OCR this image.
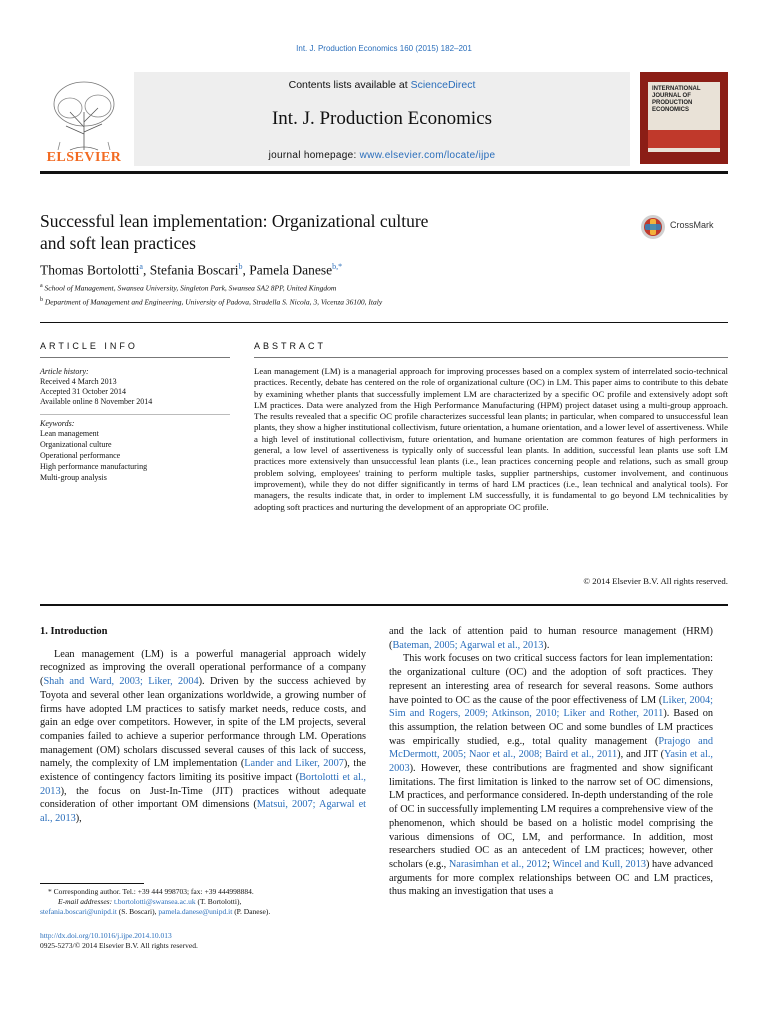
Int. J. Production Economics 160 (2015) 182–201
ELSEVIER
Contents lists available at ScienceDirect
Int. J. Production Economics
journal homepage: www.elsevier.com/locate/ijpe
INTERNATIONAL JOURNAL OF PRODUCTION ECONOMICS
Successful lean implementation: Organizational culture
and soft lean practices
CrossMark
Thomas Bortolotti$^a$, Stefania Boscari$^b$, Pamela Danese$^{b,*}$
$^a$ School of Management, Swansea University, Singleton Park, Swansea SA2 8PP, United Kingdom
$^b$ Department of Management and Engineering, University of Padova, Stradella S. Nicola, 3, Vicenza 36100, Italy
ARTICLE INFO
Article history:
Received 4 March 2013
Accepted 31 October 2014
Available online 8 November 2014
Keywords:
Lean management
Organizational culture
Operational performance
High performance manufacturing
Multi-group analysis
ABSTRACT
Lean management (LM) is a managerial approach for improving processes based on a complex system of interrelated socio-technical practices. Recently, debate has centered on the role of organizational culture (OC) in LM. This paper aims to contribute to this debate by examining whether plants that successfully implement LM are characterized by a specific OC profile and extensively adopt soft LM practices. Data were analyzed from the High Performance Manufacturing (HPM) project dataset using a multi-group approach. The results revealed that a specific OC profile characterizes successful lean plants; in particular, when compared to unsuccessful lean plants, they show a higher institutional collectivism, future orientation, a humane orientation, and a lower level of assertiveness. While a high level of institutional collectivism, future orientation, and humane orientation are common features of high performers in general, a low level of assertiveness is typically only of successful lean plants. In addition, successful lean plants use soft LM practices more extensively than unsuccessful lean plants (i.e., lean practices concerning people and relations, such as small group problem solving, employees' training to perform multiple tasks, supplier partnerships, customer involvement, and continuous improvement), while they do not differ significantly in terms of hard LM practices (i.e., lean technical and analytical tools). For managers, the results indicate that, in order to implement LM successfully, it is fundamental to go beyond LM technicalities by adopting soft practices and nurturing the development of an appropriate OC profile.
© 2014 Elsevier B.V. All rights reserved.
1. Introduction

Lean management (LM) is a powerful managerial approach widely recognized as improving the overall operational performance of a company (Shah and Ward, 2003; Liker, 2004). Driven by the success achieved by Toyota and several other lean organizations worldwide, a growing number of firms have adopted LM practices to satisfy market needs, reduce costs, and gain an edge over competitors. However, in spite of the LM projects, several companies failed to achieve a superior performance through LM. Operations management (OM) scholars discussed several causes of this lack of success, namely, the complexity of LM implementation (Lander and Liker, 2007), the existence of contingency factors limiting its positive impact (Bortolotti et al., 2013), the focus on Just-In-Time (JIT) practices without adequate consideration of other important OM dimensions (Matsui, 2007; Agarwal et al., 2013),

and the lack of attention paid to human resource management (HRM) (Bateman, 2005; Agarwal et al., 2013).

This work focuses on two critical success factors for lean implementation: the organizational culture (OC) and the adoption of soft practices. They represent an interesting area of research for several reasons. Some authors have pointed to OC as the cause of the poor effectiveness of LM (Liker, 2004; Sim and Rogers, 2009; Atkinson, 2010; Liker and Rother, 2011). Based on this assumption, the relation between OC and some bundles of LM practices was empirically studied, e.g., total quality management (Prajogo and McDermott, 2005; Naor et al., 2008; Baird et al., 2011), and JIT (Yasin et al., 2003). However, these contributions are fragmented and show significant limitations. The first limitation is linked to the narrow set of OC dimensions, LM practices, and performance considered. In-depth understanding of the role of OC in successfully implementing LM requires a comprehensive view of the phenomenon, which should be based on a holistic model comprising the various dimensions of OC, LM, and performance. In addition, most researchers studied OC as an antecedent of LM practices; however, other scholars (e.g., Narasimhan et al., 2012; Wincel and Kull, 2013) have advanced arguments for more complex relationships between OC and LM practices, thus making an investigation that uses a

* Corresponding author. Tel.: +39 444 998703; fax: +39 444998884.
E-mail addresses: t.bortolotti@swansea.ac.uk (T. Bortolotti),
stefania.boscari@unipd.it (S. Boscari), pamela.danese@unipd.it (P. Danese).
http://dx.doi.org/10.1016/j.ijpe.2014.10.013
0925-5273/© 2014 Elsevier B.V. All rights reserved.
